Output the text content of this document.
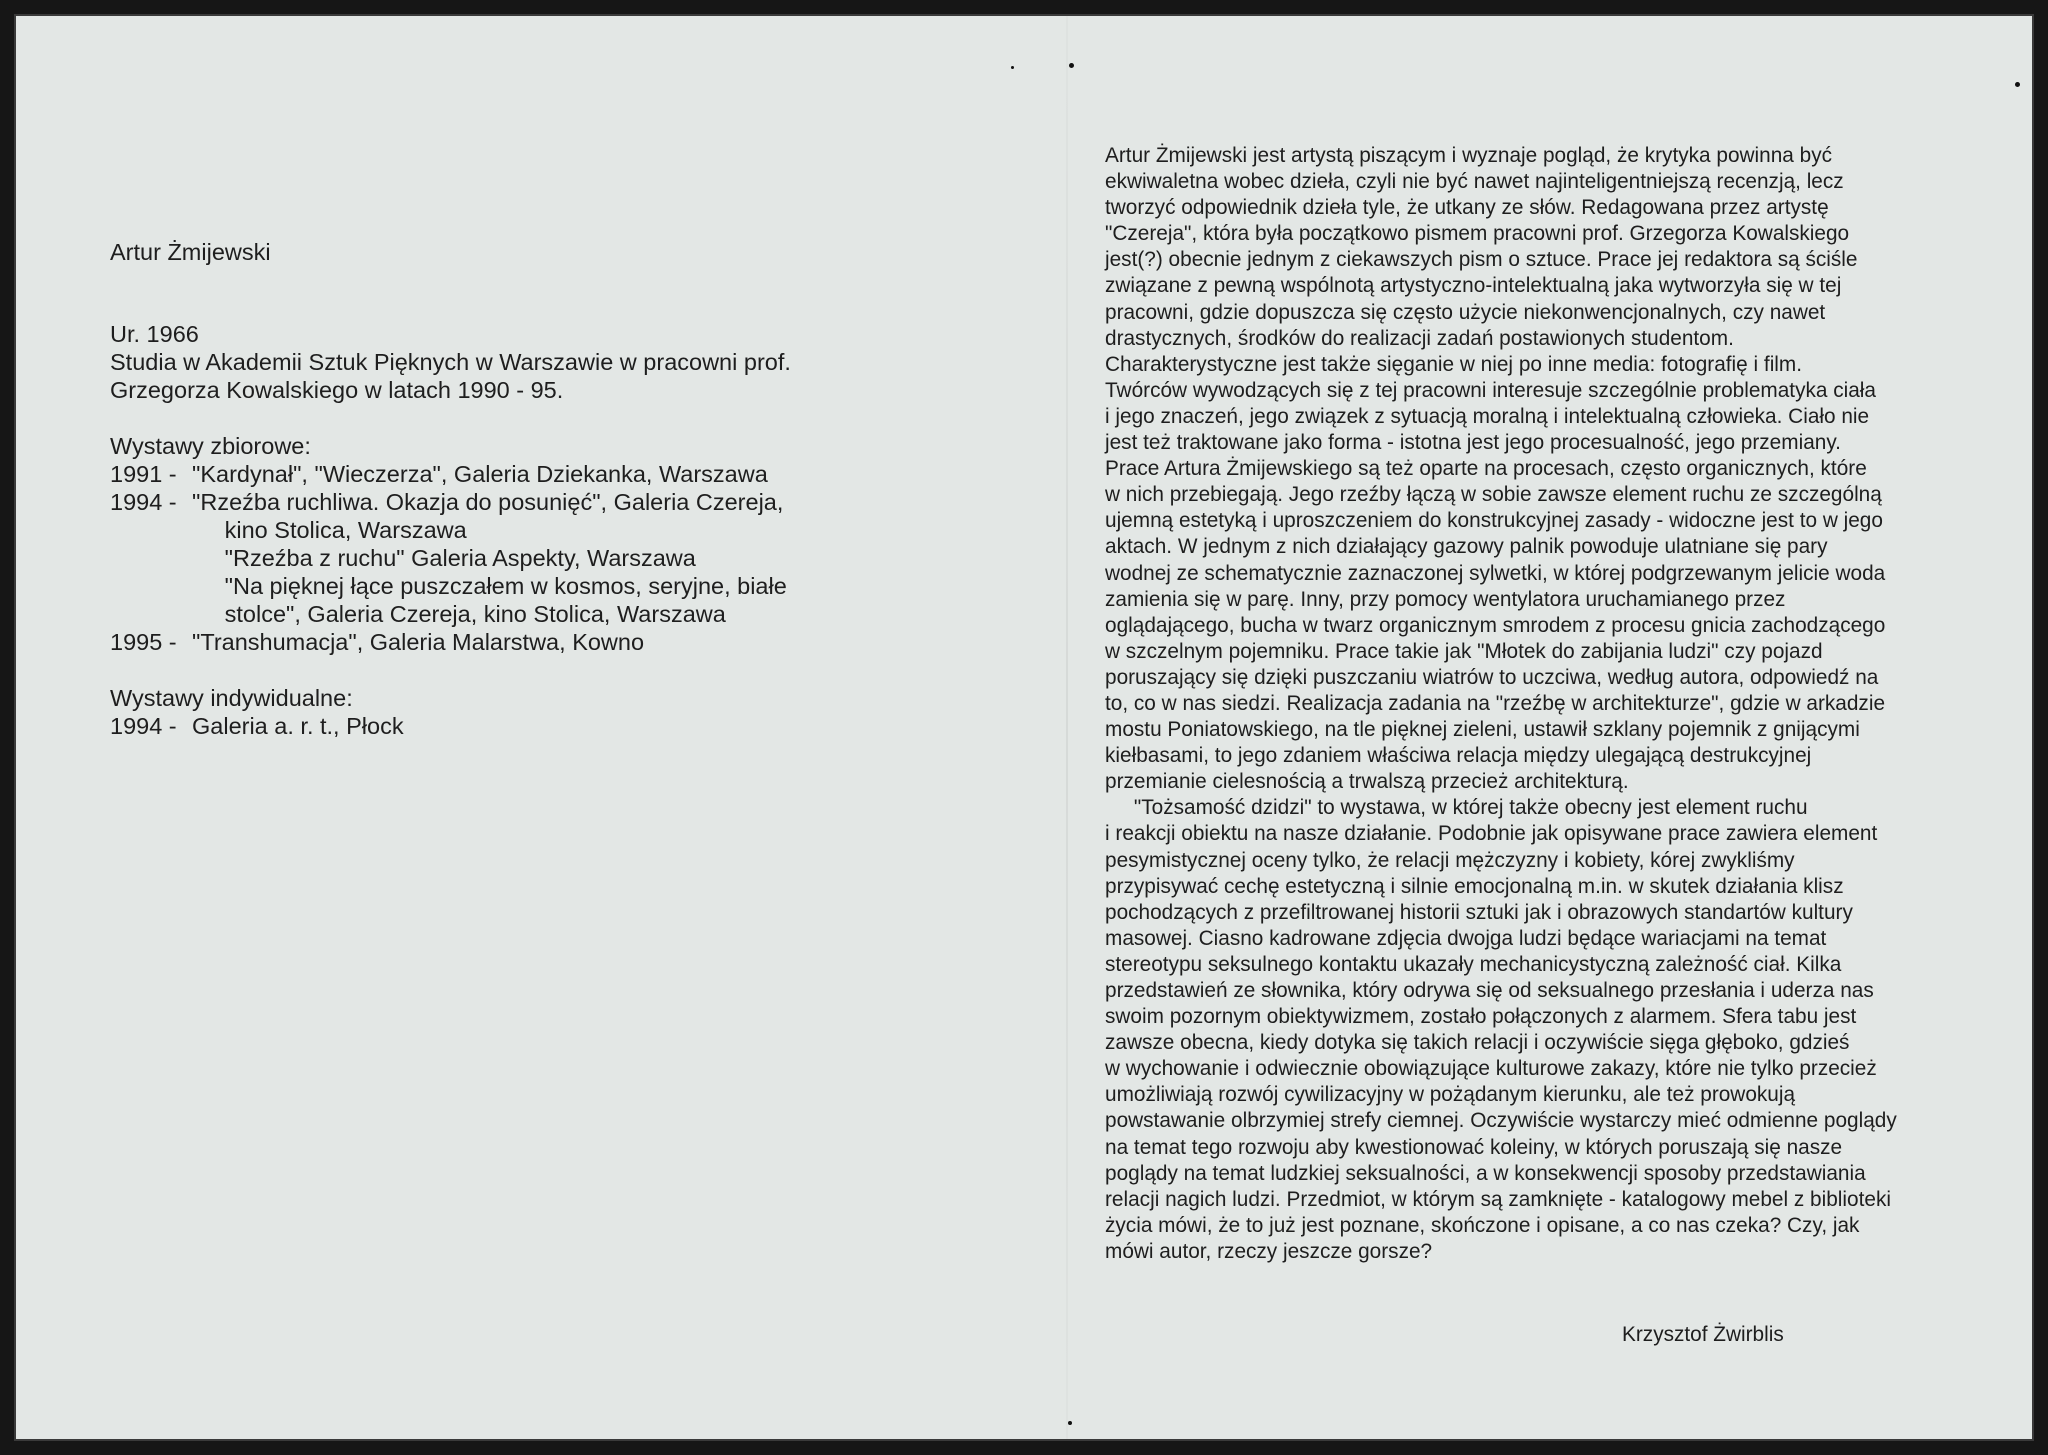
Artur Żmijewski

Ur. 1966

Studia w Akademii Sztuk Pięknych w Warszawie w pracowni prof.

Grzegorza Kowalskiego w latach 1990 - 95.

Wystawy zbiorowe:

1991 - "Kardynał", "Wieczerza", Galeria Dziekanka, Warszawa

1994 - "Rzeźba ruchliwa. Okazja do posunięć", Galeria Czereja,

kino Stolica, Warszawa

"Rzeźba z ruchu" Galeria Aspekty, Warszawa

"Na pięknej łące puszczałem w kosmos, seryjne, białe

stolce", Galeria Czereja, kino Stolica, Warszawa

1995 - "Transhumacja", Galeria Malarstwa, Kowno

Wystawy indywidualne:

1994 - Galeria a. r. t., Płock

Artur Żmijewski jest artystą piszącym i wyznaje pogląd, że krytyka powinna być

ekwiwaletna wobec dzieła, czyli nie być nawet najinteligentniejszą recenzją, lecz

tworzyć odpowiednik dzieła tyle, że utkany ze słów. Redagowana przez artystę

"Czereja", która była początkowo pismem pracowni prof. Grzegorza Kowalskiego

jest(?) obecnie jednym z ciekawszych pism o sztuce. Prace jej redaktora są ściśle

związane z pewną wspólnotą artystyczno-intelektualną jaka wytworzyła się w tej

pracowni, gdzie dopuszcza się często użycie niekonwencjonalnych, czy nawet

drastycznych, środków do realizacji zadań postawionych studentom.

Charakterystyczne jest także sięganie w niej po inne media: fotografię i film.

Twórców wywodzących się z tej pracowni interesuje szczególnie problematyka ciała

i jego znaczeń, jego związek z sytuacją moralną i intelektualną człowieka. Ciało nie

jest też traktowane jako forma - istotna jest jego procesualność, jego przemiany.

Prace Artura Żmijewskiego są też oparte na procesach, często organicznych, które

w nich przebiegają. Jego rzeźby łączą w sobie zawsze element ruchu ze szczególną

ujemną estetyką i uproszczeniem do konstrukcyjnej zasady - widoczne jest to w jego

aktach. W jednym z nich działający gazowy palnik powoduje ulatniane się pary

wodnej ze schematycznie zaznaczonej sylwetki, w której podgrzewanym jelicie woda

zamienia się w parę. Inny, przy pomocy wentylatora uruchamianego przez

oglądającego, bucha w twarz organicznym smrodem z procesu gnicia zachodzącego

w szczelnym pojemniku. Prace takie jak "Młotek do zabijania ludzi" czy pojazd

poruszający się dzięki puszczaniu wiatrów to uczciwa, według autora, odpowiedź na

to, co w nas siedzi. Realizacja zadania na "rzeźbę w architekturze", gdzie w arkadzie

mostu Poniatowskiego, na tle pięknej zieleni, ustawił szklany pojemnik z gnijącymi

kiełbasami, to jego zdaniem właściwa relacja między ulegającą destrukcyjnej

przemianie cielesnością a trwalszą przecież architekturą.

"Tożsamość dzidzi" to wystawa, w której także obecny jest element ruchu

i reakcji obiektu na nasze działanie. Podobnie jak opisywane prace zawiera element

pesymistycznej oceny tylko, że relacji mężczyzny i kobiety, kórej zwykliśmy

przypisywać cechę estetyczną i silnie emocjonalną m.in. w skutek działania klisz

pochodzących z przefiltrowanej historii sztuki jak i obrazowych standartów kultury

masowej. Ciasno kadrowane zdjęcia dwojga ludzi będące wariacjami na temat

stereotypu seksulnego kontaktu ukazały mechanicystyczną zależność ciał. Kilka

przedstawień ze słownika, który odrywa się od seksualnego przesłania i uderza nas

swoim pozornym obiektywizmem, zostało połączonych z alarmem. Sfera tabu jest

zawsze obecna, kiedy dotyka się takich relacji i oczywiście sięga głęboko, gdzieś

w wychowanie i odwiecznie obowiązujące kulturowe zakazy, które nie tylko przecież

umożliwiają rozwój cywilizacyjny w pożądanym kierunku, ale też prowokują

powstawanie olbrzymiej strefy ciemnej. Oczywiście wystarczy mieć odmienne poglądy

na temat tego rozwoju aby kwestionować koleiny, w których poruszają się nasze

poglądy na temat ludzkiej seksualności, a w konsekwencji sposoby przedstawiania

relacji nagich ludzi. Przedmiot, w którym są zamknięte - katalogowy mebel z biblioteki

życia mówi, że to już jest poznane, skończone i opisane, a co nas czeka? Czy, jak

mówi autor, rzeczy jeszcze gorsze?

Krzysztof Żwirblis
